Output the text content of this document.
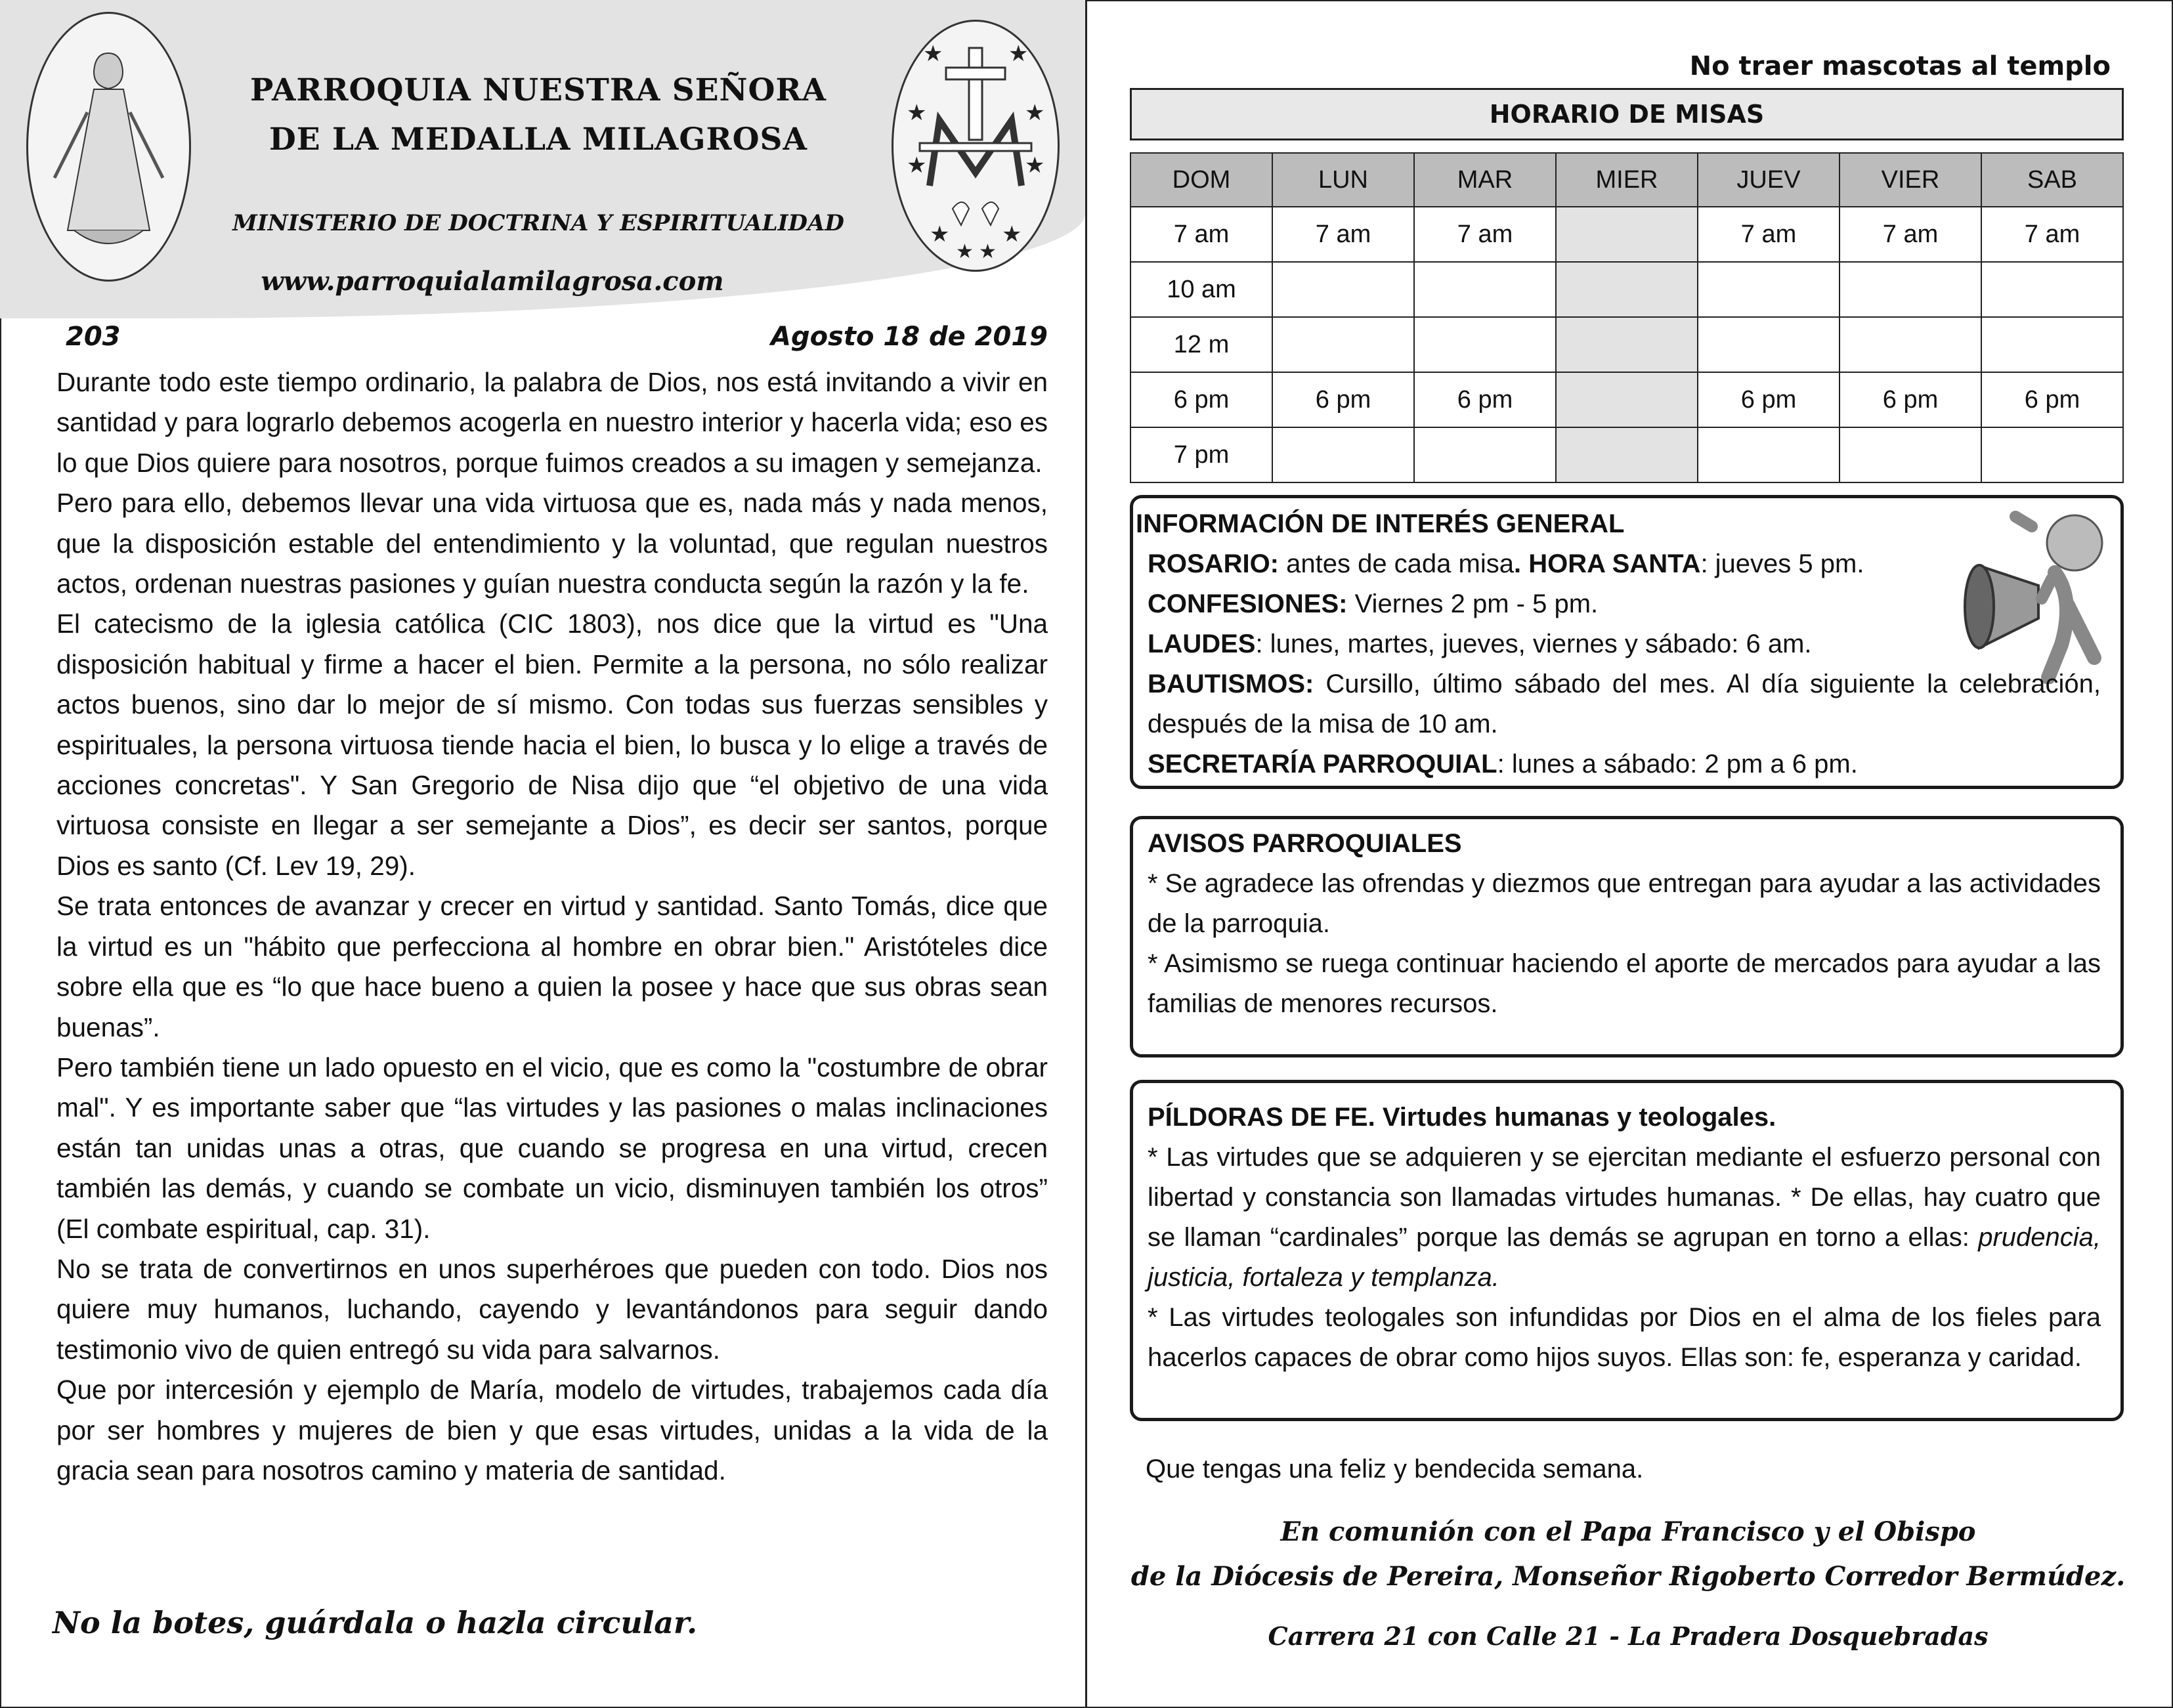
PARROQUIA NUESTRA SEÑORA
DE LA MEDALLA MILAGROSA
MINISTERIO DE DOCTRINA Y ESPIRITUALIDAD
★	★
★	★
★	★
★ ★
★ ★
www.parroquialamilagrosa.com
203	Agosto 18 de 2019

Durante todo este tiempo ordinario, la palabra de Dios, nos está invitando a vivir en santidad y para lograrlo debemos acogerla en nuestro interior y hacerla vida; eso es lo que Dios quiere para nosotros, porque fuimos creados a su imagen y semejanza.

Pero para ello, debemos llevar una vida virtuosa que es, nada más y nada menos, que la disposición estable del entendimiento y la voluntad, que regulan nuestros actos, ordenan nuestras pasiones y guían nuestra conducta según la razón y la fe.

El catecismo de la iglesia católica (CIC 1803), nos dice que la virtud es "Una disposición habitual y firme a hacer el bien. Permite a la persona, no sólo realizar actos buenos, sino dar lo mejor de sí mismo. Con todas sus fuerzas sensibles y espirituales, la persona virtuosa tiende hacia el bien, lo busca y lo elige a través de acciones concretas". Y San Gregorio de Nisa dijo que “el objetivo de una vida virtuosa consiste en llegar a ser semejante a Dios”, es decir ser santos, porque Dios es santo (Cf. Lev 19, 29).

Se trata entonces de avanzar y crecer en virtud y santidad. Santo Tomás, dice que la virtud es un "hábito que perfecciona al hombre en obrar bien." Aristóteles dice sobre ella que es “lo que hace bueno a quien la posee y hace que sus obras sean buenas”.

Pero también tiene un lado opuesto en el vicio, que es como la "costumbre de obrar mal". Y es importante saber que “las virtudes y las pasiones o malas inclinaciones están tan unidas unas a otras, que cuando se progresa en una virtud, crecen también las demás, y cuando se combate un vicio, disminuyen también los otros” (El combate espiritual, cap. 31).

No se trata de convertirnos en unos superhéroes que pueden con todo. Dios nos quiere muy humanos, luchando, cayendo y levantándonos para seguir dando testimonio vivo de quien entregó su vida para salvarnos.

Que por intercesión y ejemplo de María, modelo de virtudes, trabajemos cada día por ser hombres y mujeres de bien y que esas virtudes, unidas a la vida de la gracia sean para nosotros camino y materia de santidad.

No la botes, guárdala o hazla circular.
No traer mascotas al templo
HORARIO DE MISAS
DOM	LUN	MAR	MIER	JUEV	VIER	SAB
7 am	7 am	7 am		7 am	7 am	7 am
10 am						
12 m						
6 pm	6 pm	6 pm		6 pm	6 pm	6 pm
7 pm						

INFORMACIÓN DE INTERÉS GENERAL

ROSARIO: antes de cada misa. HORA SANTA: jueves 5 pm.

CONFESIONES: Viernes 2 pm - 5 pm.

LAUDES: lunes, martes, jueves, viernes y sábado: 6 am.

BAUTISMOS: Cursillo, último sábado del mes. Al día siguiente la celebración, después de la misa de 10 am.

SECRETARÍA PARROQUIAL: lunes a sábado: 2 pm a 6 pm.

AVISOS PARROQUIALES

* Se agradece las ofrendas y diezmos que entregan para ayudar a las actividades de la parroquia.

* Asimismo se ruega continuar haciendo el aporte de mercados para ayudar a las familias de menores recursos.

PÍLDORAS DE FE. Virtudes humanas y teologales.

* Las virtudes que se adquieren y se ejercitan mediante el esfuerzo personal con libertad y constancia son llamadas virtudes humanas. * De ellas, hay cuatro que se llaman “cardinales” porque las demás se agrupan en torno a ellas: prudencia, justicia, fortaleza y templanza.

* Las virtudes teologales son infundidas por Dios en el alma de los fieles para hacerlos capaces de obrar como hijos suyos. Ellas son: fe, esperanza y caridad.

Que tengas una feliz y bendecida semana.
En comunión con el Papa Francisco y el Obispo
de la Diócesis de Pereira, Monseñor Rigoberto Corredor Bermúdez.
Carrera 21 con Calle 21 - La Pradera Dosquebradas
